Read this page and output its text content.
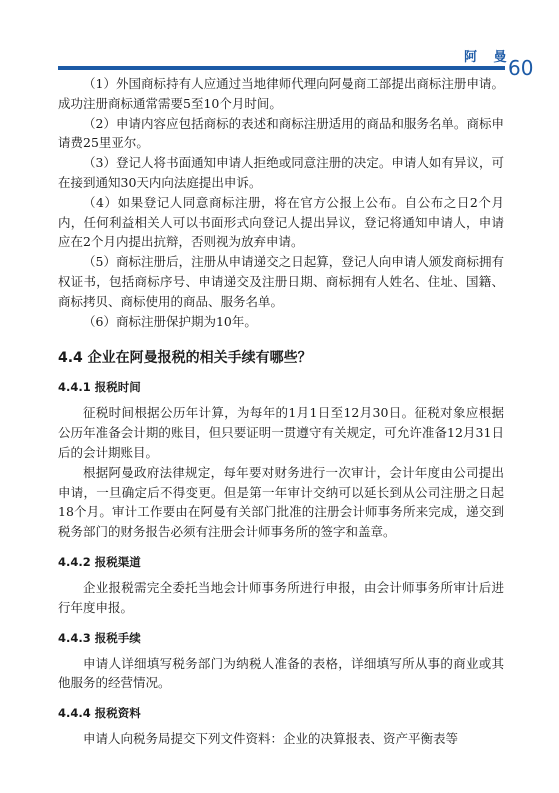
阿 曼
60

（1）外国商标持有人应通过当地律师代理向阿曼商工部提出商标注册申请。成功注册商标通常需要5至10个月时间。

（2）申请内容应包括商标的表述和商标注册适用的商品和服务名单。商标申请费25里亚尔。

（3）登记人将书面通知申请人拒绝或同意注册的决定。申请人如有异议，可在接到通知30天内向法庭提出申诉。

（4）如果登记人同意商标注册，将在官方公报上公布。自公布之日2个月内，任何利益相关人可以书面形式向登记人提出异议，登记将通知申请人，申请应在2个月内提出抗辩，否则视为放弃申请。

（5）商标注册后，注册从申请递交之日起算，登记人向申请人颁发商标拥有权证书，包括商标序号、申请递交及注册日期、商标拥有人姓名、住址、国籍、商标拷贝、商标使用的商品、服务名单。

（6）商标注册保护期为10年。

4.4 企业在阿曼报税的相关手续有哪些？
4.4.1 报税时间

征税时间根据公历年计算，为每年的1月1日至12月30日。征税对象应根据公历年准备会计期的账目，但只要证明一贯遵守有关规定，可允许准备12月31日后的会计期账目。

根据阿曼政府法律规定，每年要对财务进行一次审计，会计年度由公司提出申请，一旦确定后不得变更。但是第一年审计交纳可以延长到从公司注册之日起18个月。审计工作要由在阿曼有关部门批准的注册会计师事务所来完成，递交到税务部门的财务报告必须有注册会计师事务所的签字和盖章。

4.4.2 报税渠道

企业报税需完全委托当地会计师事务所进行申报，由会计师事务所审计后进行年度申报。

4.4.3 报税手续

申请人详细填写税务部门为纳税人准备的表格，详细填写所从事的商业或其他服务的经营情况。

4.4.4 报税资料

申请人向税务局提交下列文件资料：企业的决算报表、资产平衡表等
